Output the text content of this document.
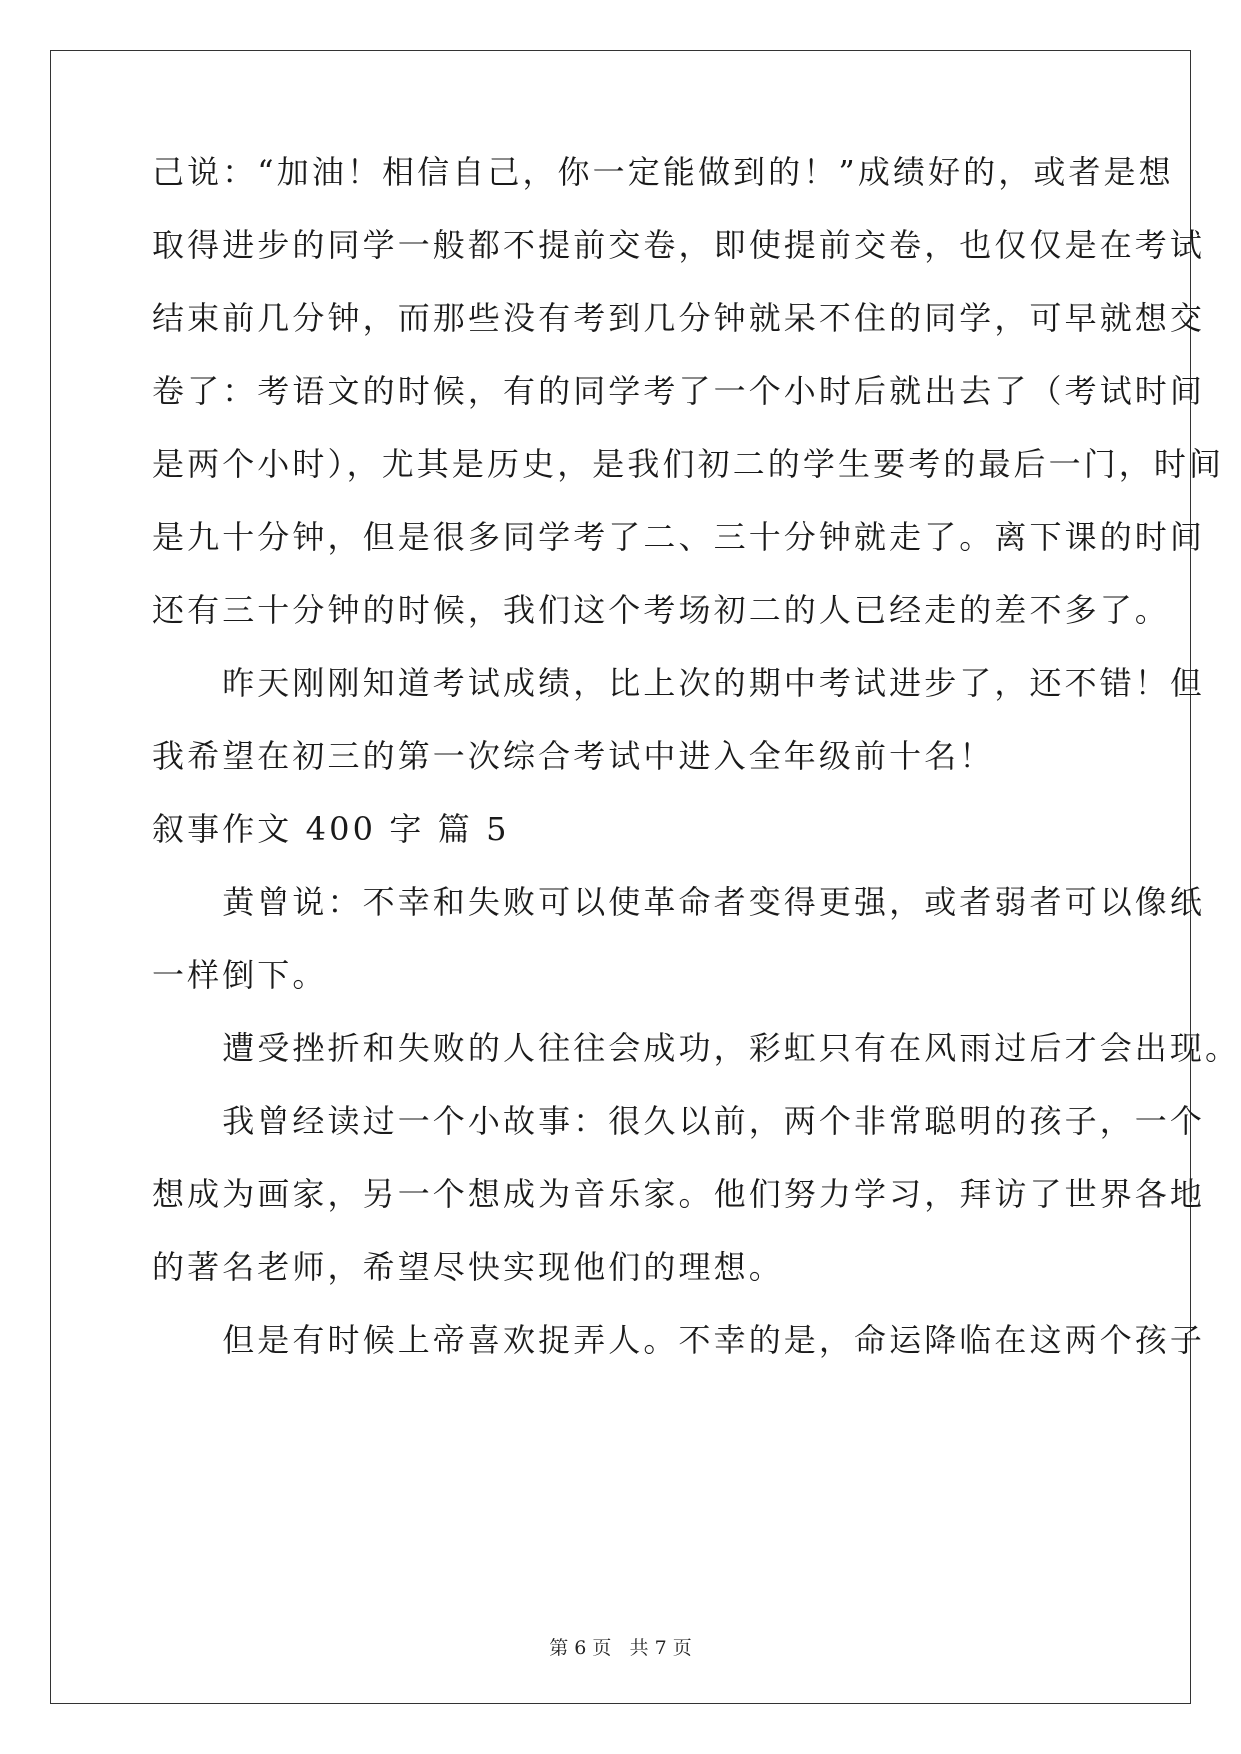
己说：“加油！相信自己，你一定能做到的！”成绩好的，或者是想
取得进步的同学一般都不提前交卷，即使提前交卷，也仅仅是在考试
结束前几分钟，而那些没有考到几分钟就呆不住的同学，可早就想交
卷了：考语文的时候，有的同学考了一个小时后就出去了（考试时间
是两个小时），尤其是历史，是我们初二的学生要考的最后一门，时间
是九十分钟，但是很多同学考了二、三十分钟就走了。离下课的时间
还有三十分钟的时候，我们这个考场初二的人已经走的差不多了。
　　昨天刚刚知道考试成绩，比上次的期中考试进步了，还不错！但
我希望在初三的第一次综合考试中进入全年级前十名！
叙事作文 400 字 篇 5
　　黄曾说：不幸和失败可以使革命者变得更强，或者弱者可以像纸
一样倒下。
　　遭受挫折和失败的人往往会成功，彩虹只有在风雨过后才会出现。
　　我曾经读过一个小故事：很久以前，两个非常聪明的孩子，一个
想成为画家，另一个想成为音乐家。他们努力学习，拜访了世界各地
的著名老师，希望尽快实现他们的理想。
　　但是有时候上帝喜欢捉弄人。不幸的是，命运降临在这两个孩子
第 6 页   共 7 页
